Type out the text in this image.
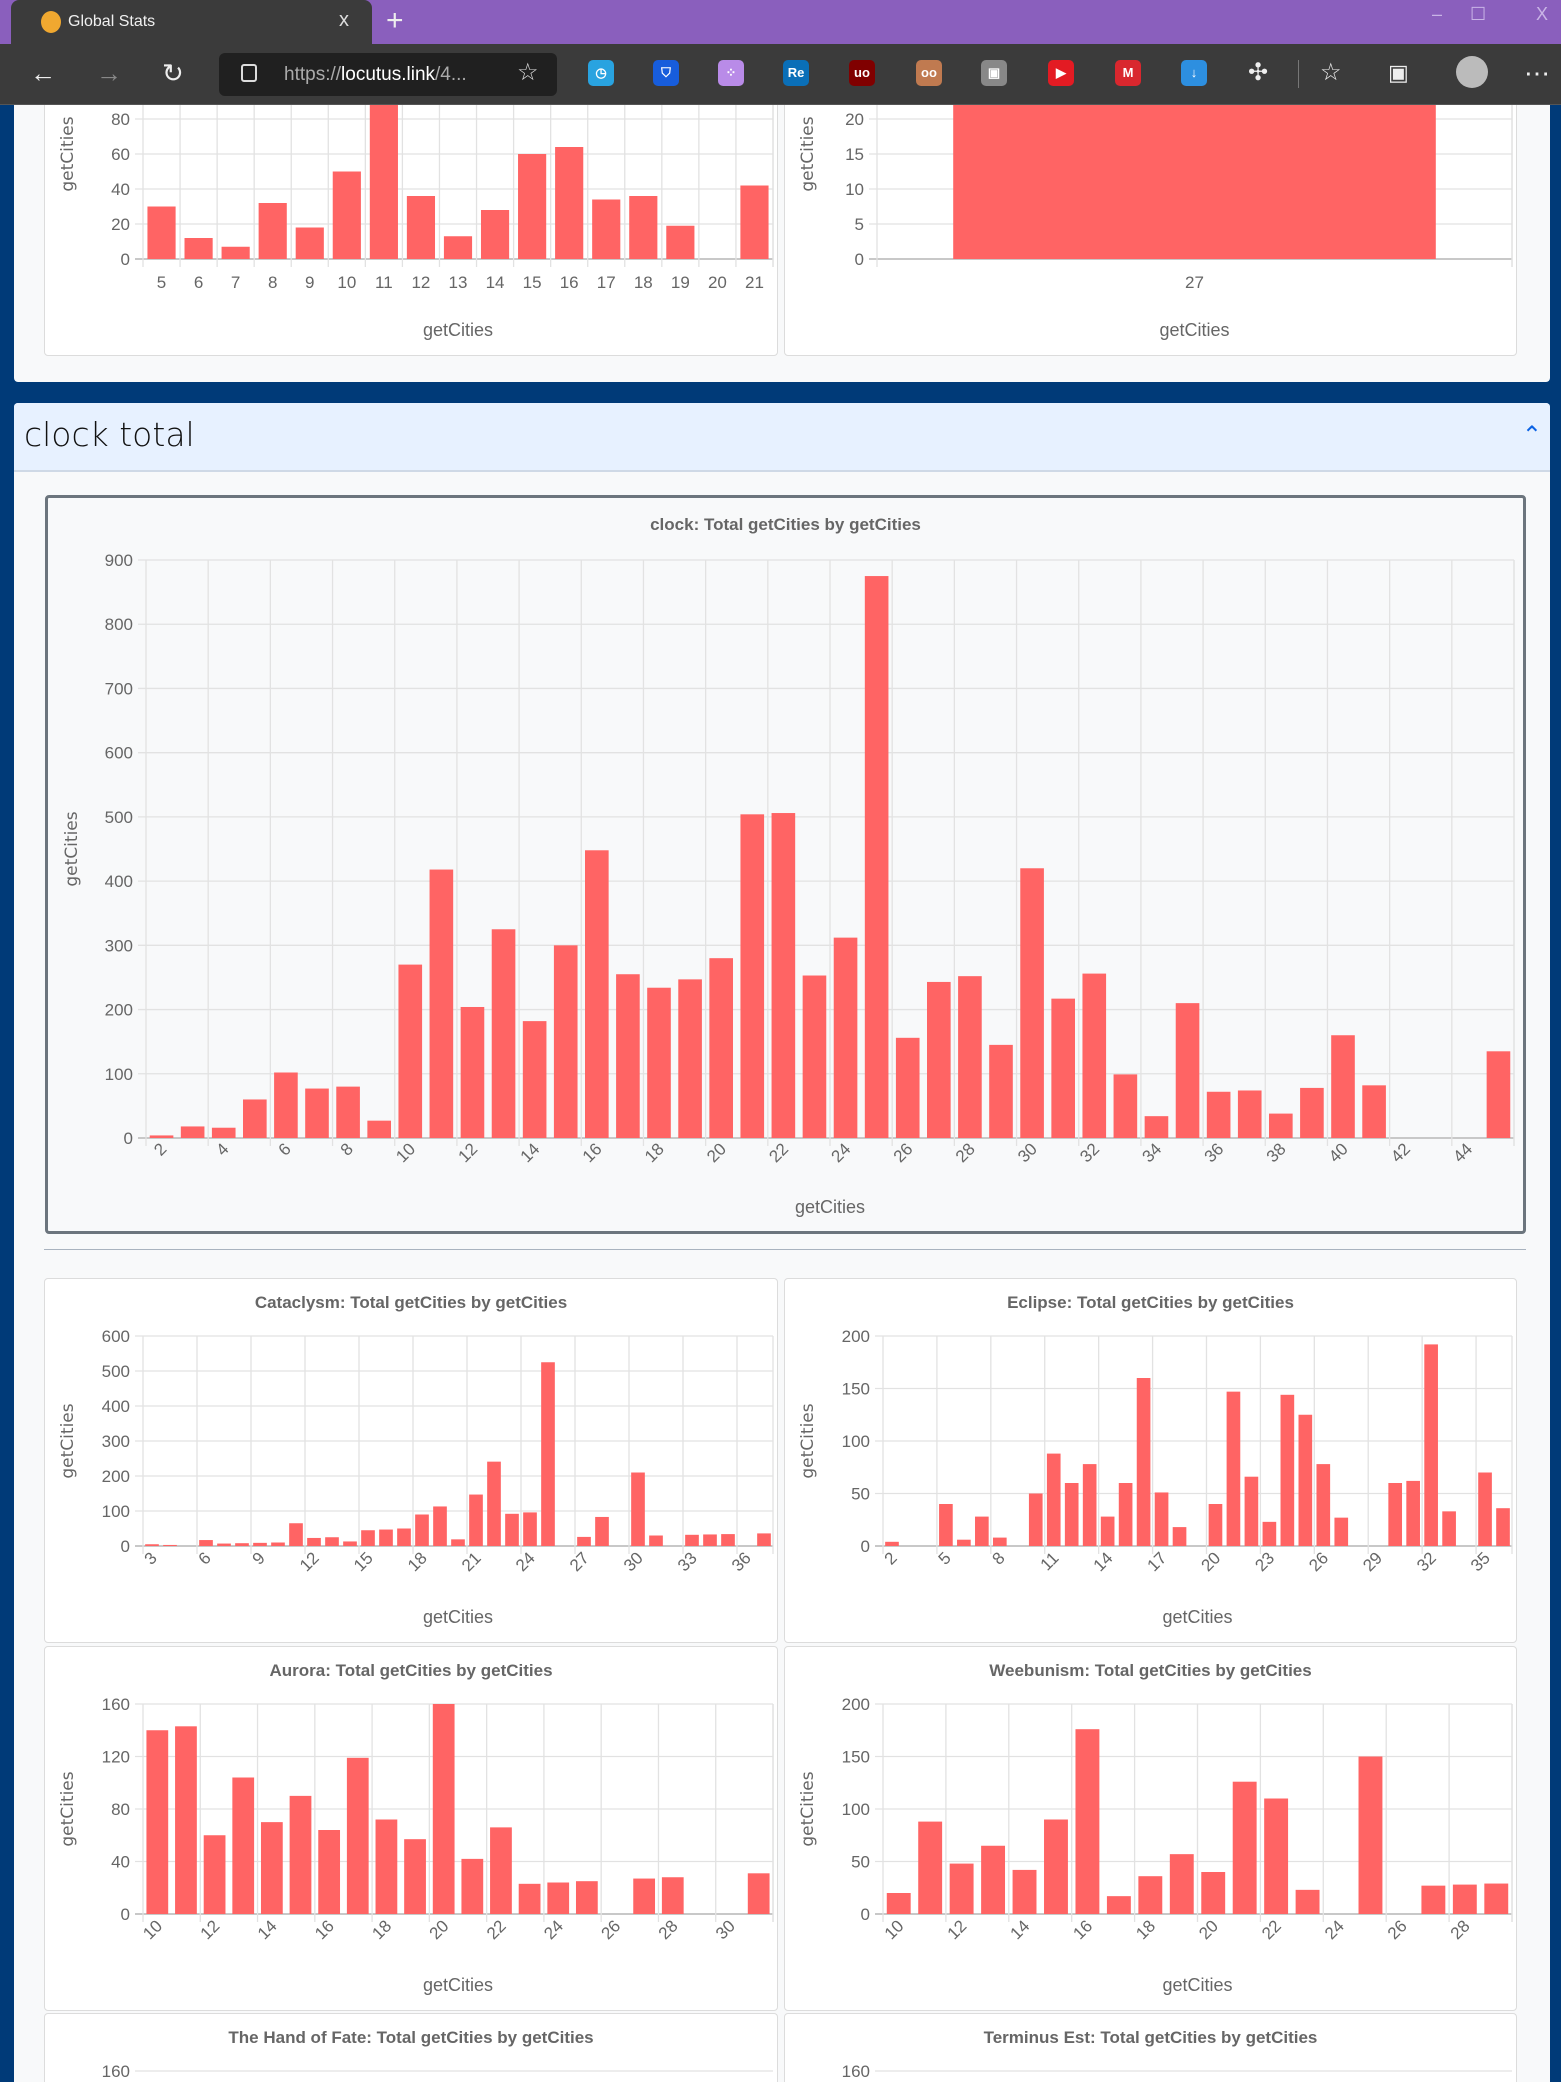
Global Stats	x +	– ☐	X
← → ↻	https://locutus.link/4... ☆	◷	⛉	⁘	Re	uo	oo	▣	▶	M	↓	✣ ☆ ▣	⋯
0
20
40
60
80
5 6 7 8 9 10 11 12 13 14 15 16 17 18 19 20 21
getCities
getCities
0
5
10
15
20
27
getCities
getCities
clock total	⌃
clock: Total getCities by getCities
0
100
200
300
400
500
600
700
800
900
2 4 6 8 10 12 14 16 18 20 22 24 26 28 30 32 34 36 38 40 42 44
getCities
getCities
Cataclysm: Total getCities by getCities
0
100
200
300
400
500
600
3 6 9 12 15 18 21 24 27 30 33 36
getCities
getCities
Eclipse: Total getCities by getCities
0
50
100
150
200
2 5 8 11 14 17 20 23 26 29 32 35
getCities
getCities
Aurora: Total getCities by getCities
0
40
80
120
160
10 12 14 16 18 20 22 24 26 28 30
getCities
getCities
Weebunism: Total getCities by getCities
0
50
100
150
200
10 12 14 16 18 20 22 24 26 28
getCities
getCities
The Hand of Fate: Total getCities by getCities
160
Terminus Est: Total getCities by getCities
160
